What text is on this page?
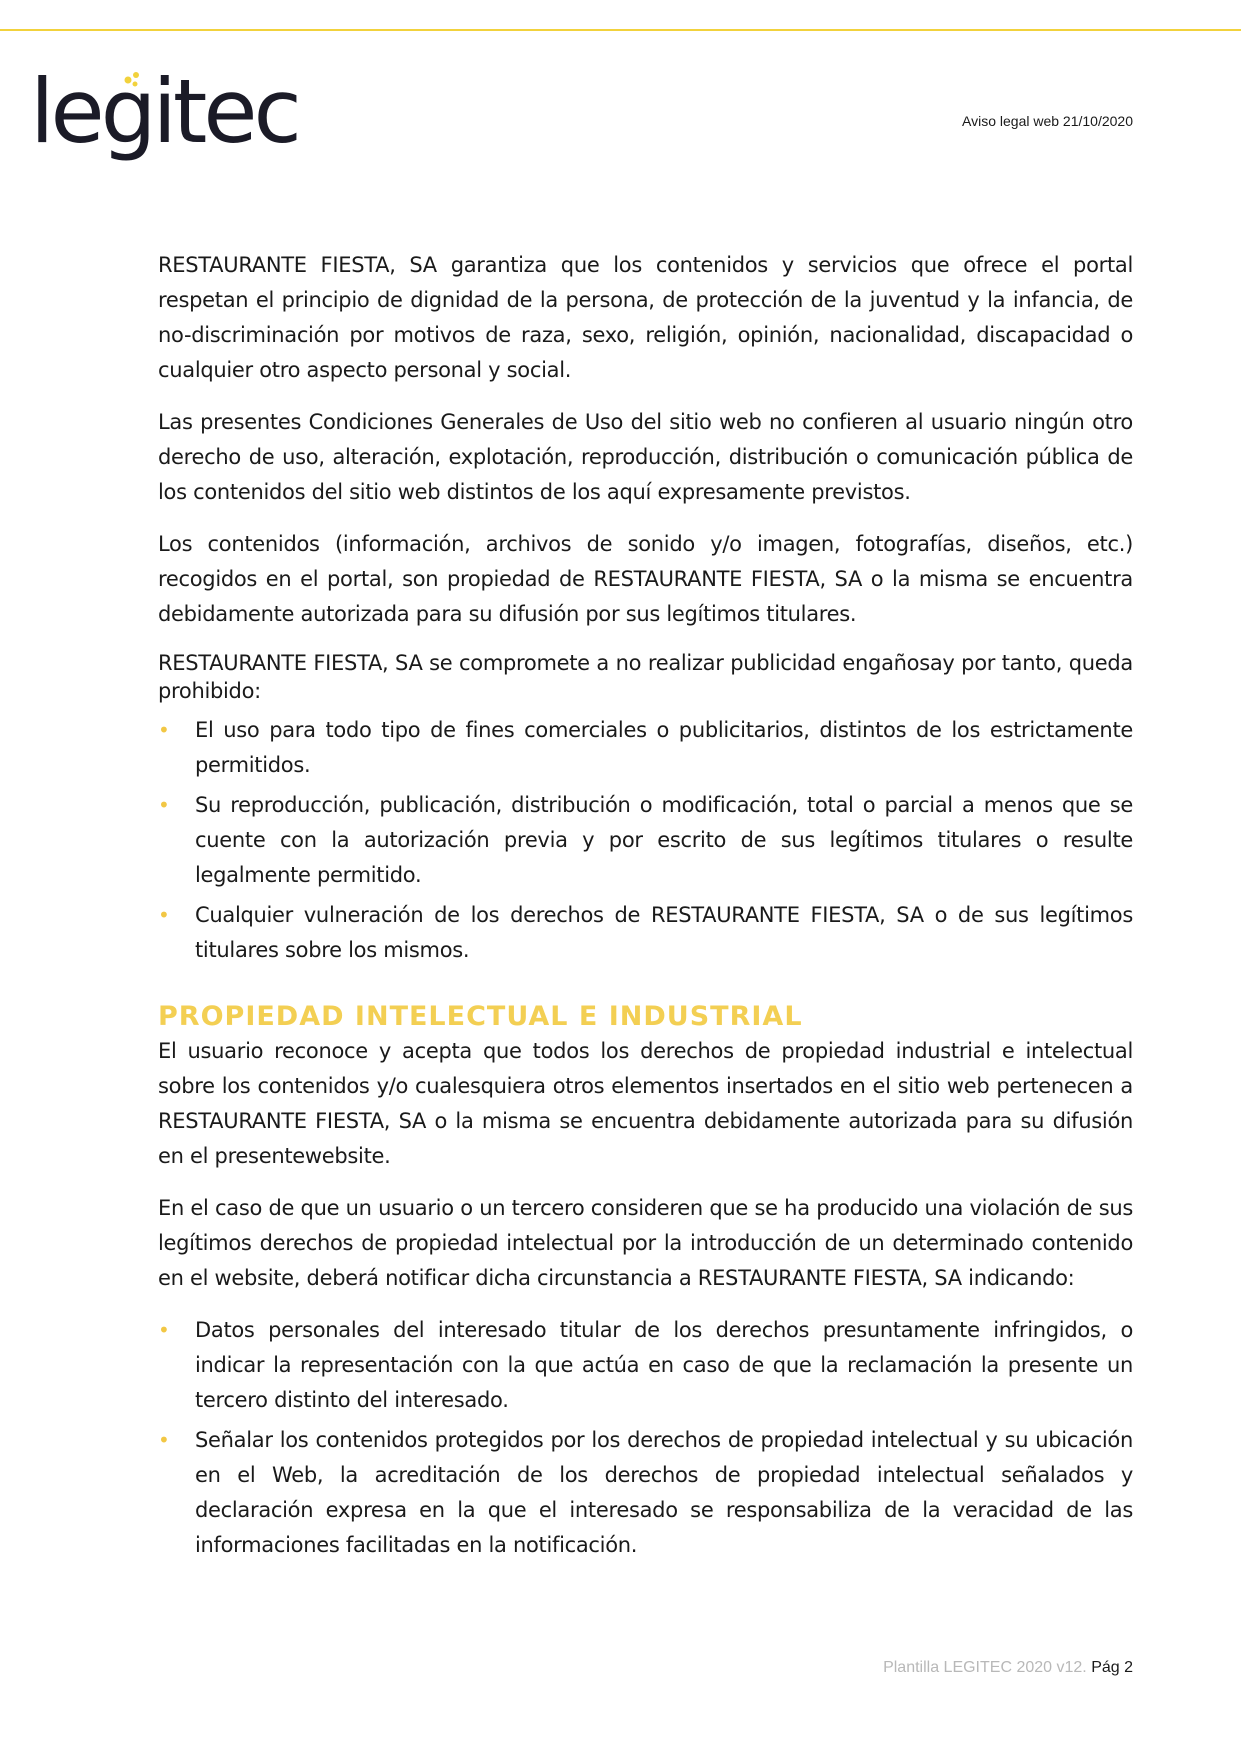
legitec	Aviso legal web 21/10/2020

RESTAURANTE FIESTA, SA garantiza que los contenidos y servicios que ofrece el portal respetan el principio de dignidad de la persona, de protección de la juventud y la infancia, de no-discriminación por motivos de raza, sexo, religión, opinión, nacionalidad, discapacidad o cualquier otro aspecto personal y social.

Las presentes Condiciones Generales de Uso del sitio web no confieren al usuario ningún otro derecho de uso, alteración, explotación, reproducción, distribución o comunicación pública de los contenidos del sitio web distintos de los aquí expresamente previstos.

Los contenidos (información, archivos de sonido y/o imagen, fotografías, diseños, etc.) recogidos en el portal, son propiedad de RESTAURANTE FIESTA, SA o la misma se encuentra debidamente autorizada para su difusión por sus legítimos titulares.

RESTAURANTE FIESTA, SA se compromete a no realizar publicidad engañosay por tanto, queda prohibido:

• El uso para todo tipo de fines comerciales o publicitarios, distintos de los estrictamente permitidos.
• Su reproducción, publicación, distribución o modificación, total o parcial a menos que se cuente con la autorización previa y por escrito de sus legítimos titulares o resulte legalmente permitido.
• Cualquier vulneración de los derechos de RESTAURANTE FIESTA, SA o de sus legítimos titulares sobre los mismos.
PROPIEDAD INTELECTUAL E INDUSTRIAL

El usuario reconoce y acepta que todos los derechos de propiedad industrial e intelectual sobre los contenidos y/o cualesquiera otros elementos insertados en el sitio web pertenecen a RESTAURANTE FIESTA, SA o la misma se encuentra debidamente autorizada para su difusión en el presentewebsite.

En el caso de que un usuario o un tercero consideren que se ha producido una violación de sus legítimos derechos de propiedad intelectual por la introducción de un determinado contenido en el website, deberá notificar dicha circunstancia a RESTAURANTE FIESTA, SA indicando:

• Datos personales del interesado titular de los derechos presuntamente infringidos, o indicar la representación con la que actúa en caso de que la reclamación la presente un tercero distinto del interesado.
• Señalar los contenidos protegidos por los derechos de propiedad intelectual y su ubicación en el Web, la acreditación de los derechos de propiedad intelectual señalados y declaración expresa en la que el interesado se responsabiliza de la veracidad de las informaciones facilitadas en la notificación.
Plantilla LEGITEC 2020 v12. Pág 2
